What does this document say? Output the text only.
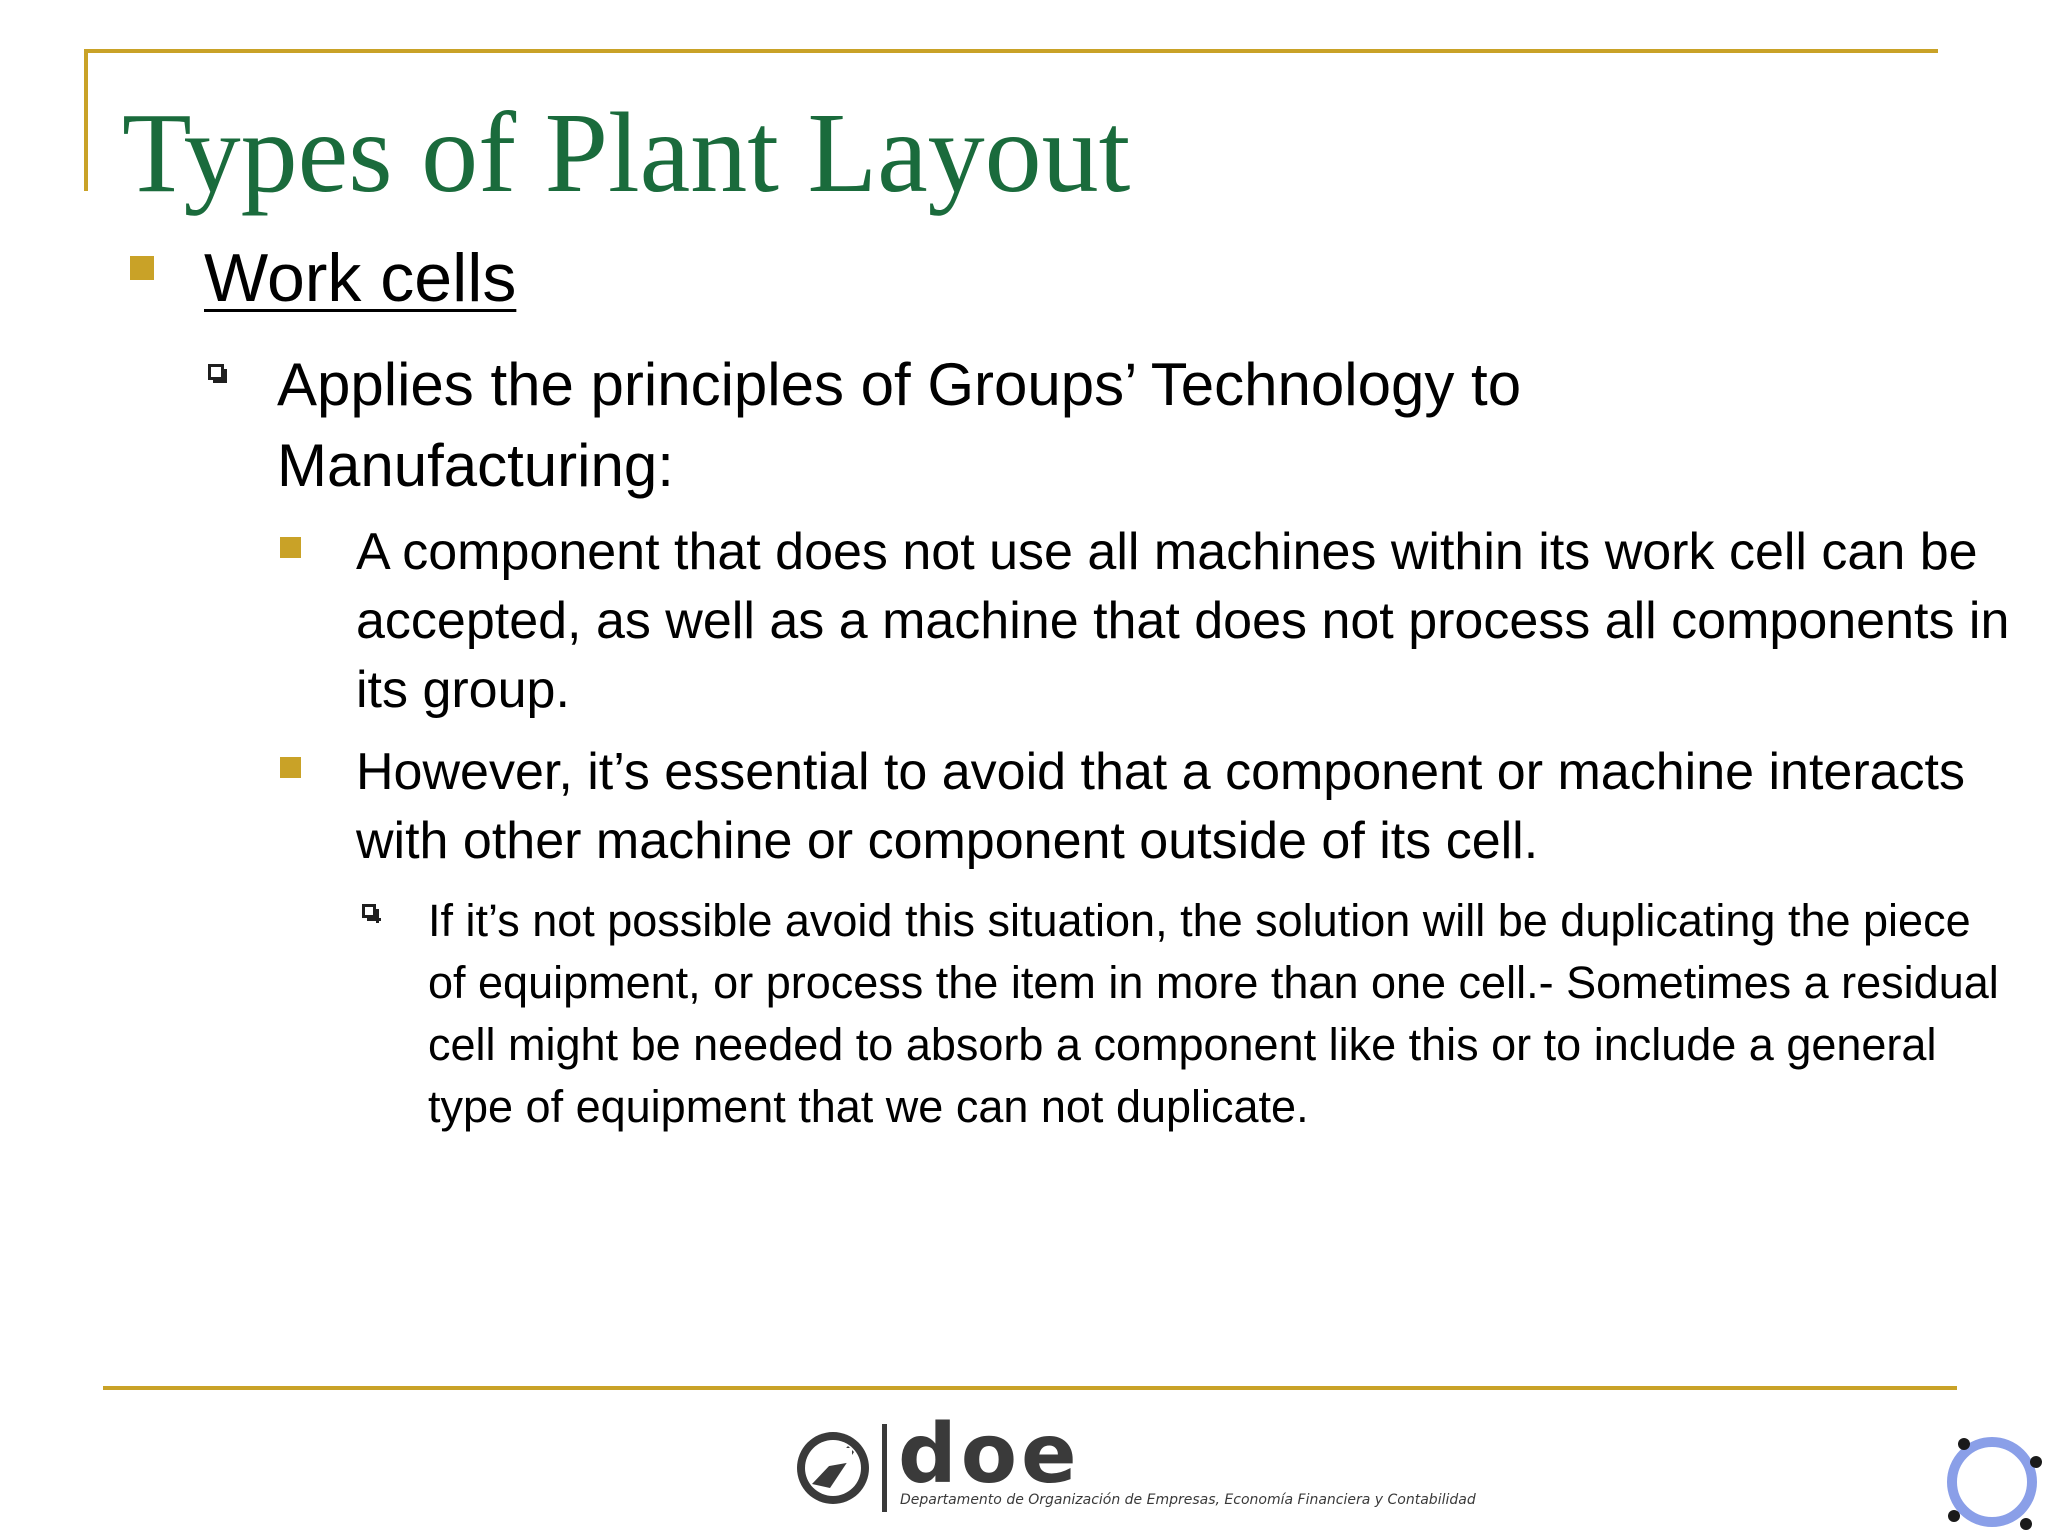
Types of Plant Layout
Work cells
Applies the principles of Groups’ Technology to Manufacturing:
A component that does not use all machines within its work cell can be accepted, as well as a machine that does not process all components in its group.
However, it’s essential to avoid that a component or machine interacts with other machine or component outside of its cell.
If it’s not possible avoid this situation, the solution will be duplicating the piece of equipment, or process the item in more than one cell.- Sometimes a residual cell might be needed to absorb a component like this or to include a general type of equipment that we can not duplicate.
doe
Departamento de Organización de Empresas, Economía Financiera y Contabilidad
